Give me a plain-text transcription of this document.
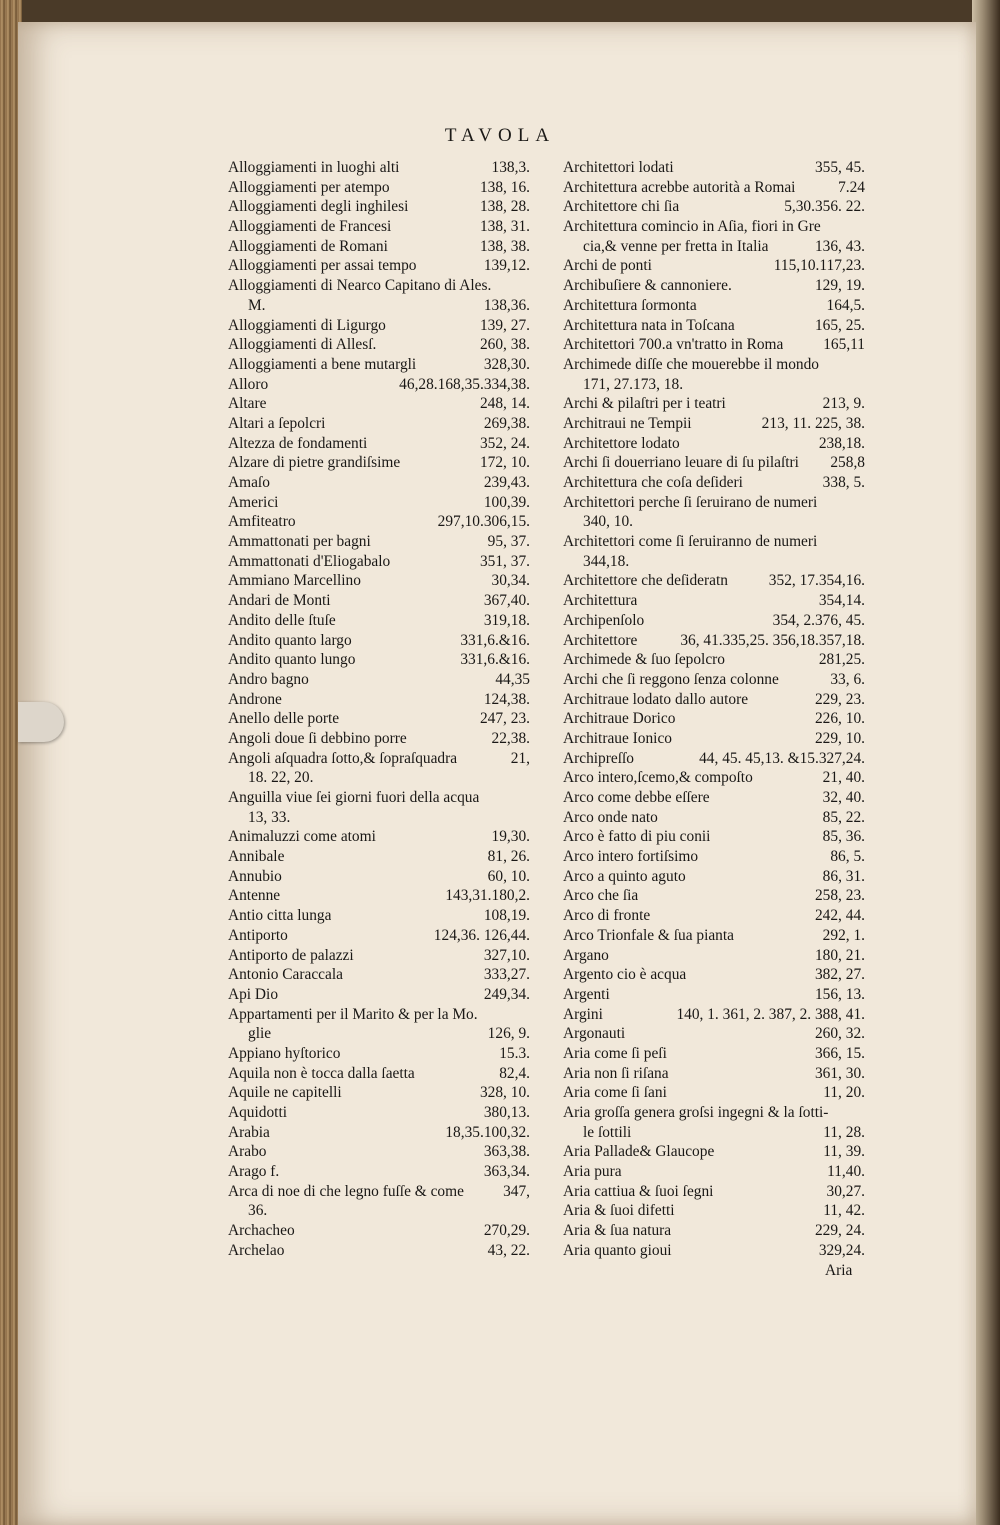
TAVOLA
Alloggiamenti in luoghi alti	138,3.
Alloggiamenti per atempo	138, 16.
Alloggiamenti degli inghilesi	138, 28.
Alloggiamenti de Francesi	138, 31.
Alloggiamenti de Romani	138, 38.
Alloggiamenti per assai tempo	139,12.
Alloggiamenti di Nearco Capitano di Ales.
M.	138,36.
Alloggiamenti di Ligurgo	139, 27.
Alloggiamenti di Allesſ.	260, 38.
Alloggiamenti a bene mutargli	328,30.
Alloro	46,28.168,35.334,38.
Altare	248, 14.
Altari a ſepolcri	269,38.
Altezza de fondamenti	352, 24.
Alzare di pietre grandiſsime	172, 10.
Amaſo	239,43.
Americi	100,39.
Amfiteatro	297,10.306,15.
Ammattonati per bagni	95, 37.
Ammattonati d'Eliogabalo	351, 37.
Ammiano Marcellino	30,34.
Andari de Monti	367,40.
Andito delle ſtuſe	319,18.
Andito quanto largo	331,6.&16.
Andito quanto lungo	331,6.&16.
Andro bagno	44,35
Androne	124,38.
Anello delle porte	247, 23.
Angoli doue ſi debbino porre	22,38.
Angoli aſquadra ſotto,& ſopraſquadra	21,
18. 22, 20.
Anguilla viue ſei giorni fuori della acqua
13, 33.
Animaluzzi come atomi	19,30.
Annibale	81, 26.
Annubio	60, 10.
Antenne	143,31.180,2.
Antio citta lunga	108,19.
Antiporto	124,36. 126,44.
Antiporto de palazzi	327,10.
Antonio Caraccala	333,27.
Api Dio	249,34.
Appartamenti per il Marito & per la Mo.
glie	126, 9.
Appiano hyſtorico	15.3.
Aquila non è tocca dalla ſaetta	82,4.
Aquile ne capitelli	328, 10.
Aquidotti	380,13.
Arabia	18,35.100,32.
Arabo	363,38.
Arago f.	363,34.
Arca di noe di che legno fuſſe & come	347,
36.
Archacheo	270,29.
Archelao	43, 22.
Architettori lodati	355, 45.
Architettura acrebbe autorità a Romai	7.24
Architettore chi ſia	5,30.356. 22.
Architettura comincio in Aſia, fiori in Gre
cia,& venne per fretta in Italia	136, 43.
Archi de ponti	115,10.117,23.
Archibuſiere & cannoniere.	129, 19.
Architettura ſormonta	164,5.
Architettura nata in Toſcana	165, 25.
Architettori 700.a vn'tratto in Roma	165,11
Archimede diſſe che mouerebbe il mondo
171, 27.173, 18.
Archi & pilaſtri per i teatri	213, 9.
Architraui ne Tempii	213, 11. 225, 38.
Architettore lodato	238,18.
Archi ſi douerriano leuare di ſu pilaſtri	258,8
Architettura che coſa deſideri	338, 5.
Architettori perche ſi ſeruirano de numeri
340, 10.
Architettori come ſi ſeruiranno de numeri
344,18.
Architettore che deſideratn	352, 17.354,16.
Architettura	354,14.
Archipenſolo	354, 2.376, 45.
Architettore	36, 41.335,25. 356,18.357,18.
Archimede & ſuo ſepolcro	281,25.
Archi che ſi reggono ſenza colonne	33, 6.
Architraue lodato dallo autore	229, 23.
Architraue Dorico	226, 10.
Architraue Ionico	229, 10.
Archipreſſo	44, 45. 45,13. &15.327,24.
Arco intero,ſcemo,& compoſto	21, 40.
Arco come debbe eſſere	32, 40.
Arco onde nato	85, 22.
Arco è fatto di piu conii	85, 36.
Arco intero fortiſsimo	86, 5.
Arco a quinto aguto	86, 31.
Arco che ſia	258, 23.
Arco di fronte	242, 44.
Arco Trionfale & ſua pianta	292, 1.
Argano	180, 21.
Argento cio è acqua	382, 27.
Argenti	156, 13.
Argini	140, 1. 361, 2. 387, 2. 388, 41.
Argonauti	260, 32.
Aria come ſi peſi	366, 15.
Aria non ſi riſana	361, 30.
Aria come ſi ſani	11, 20.
Aria groſſa genera groſsi ingegni & la ſotti-
le ſottili	11, 28.
Aria Pallade& Glaucope	11, 39.
Aria pura	11,40.
Aria cattiua & ſuoi ſegni	30,27.
Aria & ſuoi difetti	11, 42.
Aria & ſua natura	229, 24.
Aria quanto gioui	329,24.
Aria
